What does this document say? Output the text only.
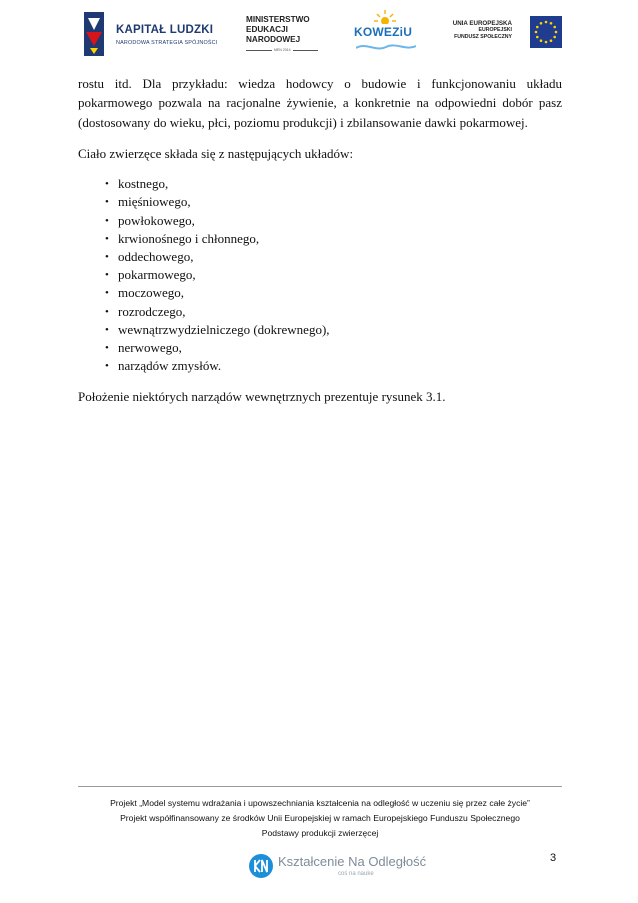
KAPITAŁ LUDZKI
NARODOWA STRATEGIA SPÓJNOŚCI
MINISTERSTWO
EDUKACJI
NARODOWEJ
MEN 2014
KOWEZiU
UNIA EUROPEJSKA
EUROPEJSKI
FUNDUSZ SPOŁECZNY

rostu itd. Dla przykładu: wiedza hodowcy o budowie i funkcjonowaniu układu pokarmowego pozwala na racjonalne żywienie, a konkretnie na odpowiedni dobór pasz (dostosowany do wieku, płci, poziomu produkcji) i zbilansowanie dawki pokarmowej.

Ciało zwierzęce składa się z następujących układów:

• kostnego,
• mięśniowego,
• powłokowego,
• krwionośnego i chłonnego,
• oddechowego,
• pokarmowego,
• moczowego,
• rozrodczego,
• wewnątrzwydzielniczego (dokrewnego),
• nerwowego,
• narządów zmysłów.

Położenie niektórych narządów wewnętrznych prezentuje rysunek 3.1.

Projekt „Model systemu wdrażania i upowszechniania kształcenia na odległość w uczeniu się przez całe życie”
Projekt współfinansowany ze środków Unii Europejskiej w ramach Europejskiego Funduszu Społecznego
Podstawy produkcji zwierzęcej
Kształcenie Na Odległość
coś na nauke
3
